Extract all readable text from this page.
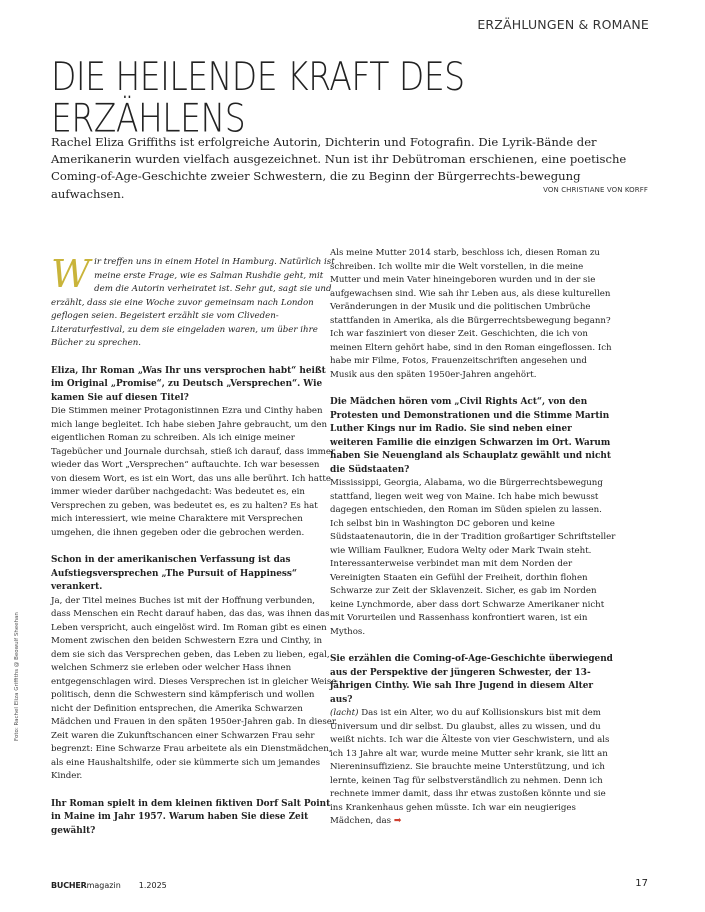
ERZÄHLUNGEN & ROMANE
DIE HEILENDE KRAFT DES ERZÄHLENS

Rachel Eliza Griffiths ist erfolgreiche Autorin, Dichterin und Fotografin. Die Lyrik-Bände der Amerikanerin wurden vielfach ausgezeichnet. Nun ist ihr Debütroman erschienen, eine poetische Coming-of-Age-Geschichte zweier Schwestern, die zu Beginn der Bürgerrechts-bewegung aufwachsen.	VON CHRISTIANE VON KORFF

Wir treffen uns in einem Hotel in Hamburg. Natürlich ist meine erste Frage, wie es Salman Rushdie geht, mit dem die Autorin verheiratet ist. Sehr gut, sagt sie und erzählt, dass sie eine Woche zuvor gemeinsam nach London geflogen seien. Begeistert erzählt sie vom Cliveden-Literaturfestival, zu dem sie eingeladen waren, um über ihre Bücher zu sprechen.

Eliza, Ihr Roman „Was Ihr uns versprochen habt“ heißt im Original „Promise“, zu Deutsch „Versprechen“. Wie kamen Sie auf diesen Titel?

Die Stimmen meiner Protagonistinnen Ezra und Cinthy haben mich lange begleitet. Ich habe sieben Jahre gebraucht, um den eigentlichen Roman zu schreiben. Als ich einige meiner Tagebücher und Journale durchsah, stieß ich darauf, dass immer wieder das Wort „Versprechen“ auftauchte. Ich war besessen von diesem Wort, es ist ein Wort, das uns alle berührt. Ich hatte immer wieder darüber nachgedacht: Was bedeutet es, ein Versprechen zu geben, was bedeutet es, es zu halten? Es hat mich interessiert, wie meine Charaktere mit Versprechen umgehen, die ihnen gegeben oder die gebrochen werden.

Schon in der amerikanischen Verfassung ist das Aufstiegsversprechen „The Pursuit of Happiness“ verankert.

Ja, der Titel meines Buches ist mit der Hoffnung verbunden, dass Menschen ein Recht darauf haben, das das, was ihnen das Leben verspricht, auch eingelöst wird. Im Roman gibt es einen Moment zwischen den beiden Schwestern Ezra und Cinthy, in dem sie sich das Versprechen geben, das Leben zu lieben, egal, welchen Schmerz sie erleben oder welcher Hass ihnen entgegenschlagen wird. Dieses Versprechen ist in gleicher Weise politisch, denn die Schwestern sind kämpferisch und wollen nicht der Definition entsprechen, die Amerika Schwarzen Mädchen und Frauen in den späten 1950er-Jahren gab. In dieser Zeit waren die Zukunftschancen einer Schwarzen Frau sehr begrenzt: Eine Schwarze Frau arbeitete als ein Dienstmädchen, als eine Haushaltshilfe, oder sie kümmerte sich um jemandes Kinder.

Ihr Roman spielt in dem kleinen fiktiven Dorf Salt Point in Maine im Jahr 1957. Warum haben Sie diese Zeit gewählt?

Als meine Mutter 2014 starb, beschloss ich, diesen Roman zu schreiben. Ich wollte mir die Welt vorstellen, in die meine Mutter und mein Vater hineingeboren wurden und in der sie aufgewachsen sind. Wie sah ihr Leben aus, als diese kulturellen Veränderungen in der Musik und die politischen Umbrüche stattfanden in Amerika, als die Bürgerrechtsbewegung begann? Ich war fasziniert von dieser Zeit. Geschichten, die ich von meinen Eltern gehört habe, sind in den Roman eingeflossen. Ich habe mir Filme, Fotos, Frauenzeitschriften angesehen und Musik aus den späten 1950er-Jahren angehört.

Die Mädchen hören vom „Civil Rights Act“, von den Protesten und Demonstrationen und die Stimme Martin Luther Kings nur im Radio. Sie sind neben einer weiteren Familie die einzigen Schwarzen im Ort. Warum haben Sie Neuengland als Schauplatz gewählt und nicht die Südstaaten?

Mississippi, Georgia, Alabama, wo die Bürgerrechtsbewegung stattfand, liegen weit weg von Maine. Ich habe mich bewusst dagegen entschieden, den Roman im Süden spielen zu lassen. Ich selbst bin in Washington DC geboren und keine Südstaatenautorin, die in der Tradition großartiger Schriftsteller wie William Faulkner, Eudora Welty oder Mark Twain steht. Interessanterweise verbindet man mit dem Norden der Vereinigten Staaten ein Gefühl der Freiheit, dorthin flohen Schwarze zur Zeit der Sklavenzeit. Sicher, es gab im Norden keine Lynchmorde, aber dass dort Schwarze Amerikaner nicht mit Vorurteilen und Rassenhass konfrontiert waren, ist ein Mythos.

Sie erzählen die Coming-of-Age-Geschichte überwiegend aus der Perspektive der jüngeren Schwester, der 13-jährigen Cinthy. Wie sah Ihre Jugend in diesem Alter aus?

(lacht) Das ist ein Alter, wo du auf Kollisionskurs bist mit dem Universum und dir selbst. Du glaubst, alles zu wissen, und du weißt nichts. Ich war die Älteste von vier Geschwistern, und als ich 13 Jahre alt war, wurde meine Mutter sehr krank, sie litt an Niereninsuffizienz. Sie brauchte meine Unterstützung, und ich lernte, keinen Tag für selbstverständlich zu nehmen. Denn ich rechnete immer damit, dass ihr etwas zustoßen könnte und sie ins Krankenhaus gehen müsste. Ich war ein neugieriges Mädchen, das ➡

Foto: Rachel Eliza Griffiths @ Beowulf Sheehan
BUCHERmagazin 1.2025	17
